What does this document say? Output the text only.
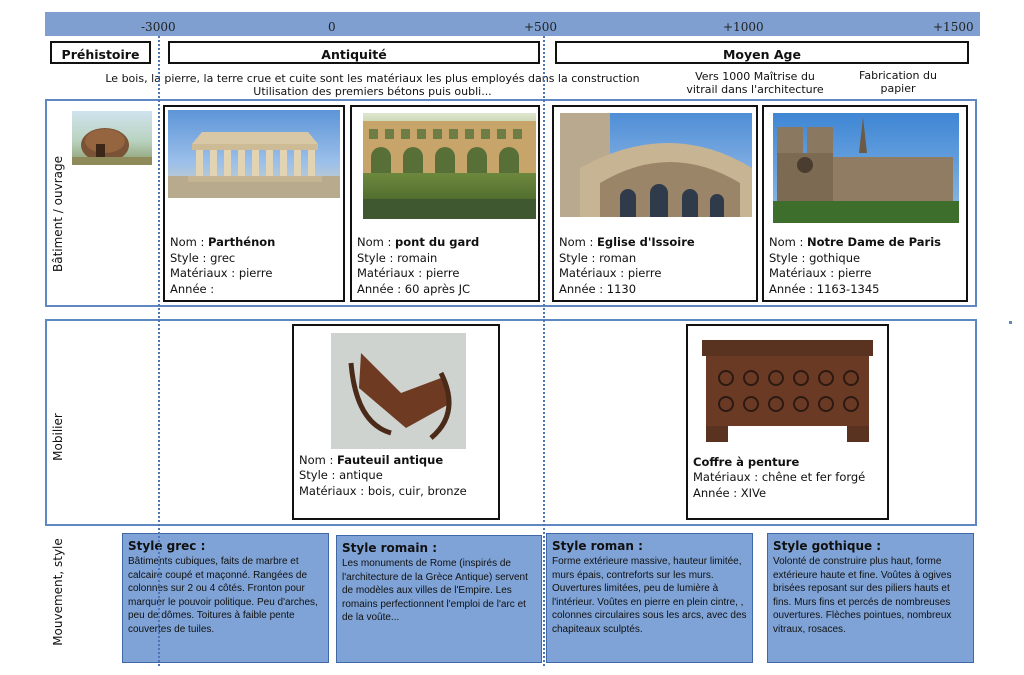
-3000	0	+500	+1000	+1500
Préhistoire	Antiquité	Moyen Age
Le bois, la pierre, la terre crue et cuite sont les matériaux les plus employés dans la construction
Utilisation des premiers bétons puis oubli...
Vers 1000 Maîtrise du vitrail dans l'architecture
Fabrication du papier
Bâtiment / ouvrage
Mobilier
Mouvement, style
Nom : Parthénon
Style : grec
Matériaux : pierre
Année :
Nom : pont du gard
Style : romain
Matériaux : pierre
Année : 60 après JC
Nom : Eglise d'Issoire
Style : roman
Matériaux : pierre
Année : 1130
Nom : Notre Dame de Paris
Style : gothique
Matériaux : pierre
Année : 1163-1345
Nom : Fauteuil antique
Style : antique
Matériaux : bois, cuir, bronze
Coffre à penture
Matériaux : chêne et fer forgé
Année : XIVe
Style grec :
Bâtiments cubiques, faits de marbre et calcaire coupé et maçonné. Rangées de colonnes sur 2 ou 4 côtés. Fronton pour marquer le pouvoir politique. Peu d'arches, peu de dômes. Toitures à faible pente couvertes de tuiles.
Style romain :
Les monuments de Rome (inspirés de l'architecture de la Grèce Antique) servent de modèles aux villes de l'Empire. Les romains perfectionnent l'emploi de l'arc et de la voûte...
Style roman :
Forme extérieure massive, hauteur limitée, murs épais, contreforts sur les murs. Ouvertures limitées, peu de lumière à l'intérieur. Voûtes en pierre en plein cintre, , colonnes circulaires sous les arcs, avec des chapiteaux sculptés.
Style gothique :
Volonté de construire plus haut, forme extérieure haute et fine. Voûtes à ogives brisées reposant sur des piliers hauts et fins. Murs fins et percés de nombreuses ouvertures. Flèches pointues, nombreux vitraux, rosaces.
